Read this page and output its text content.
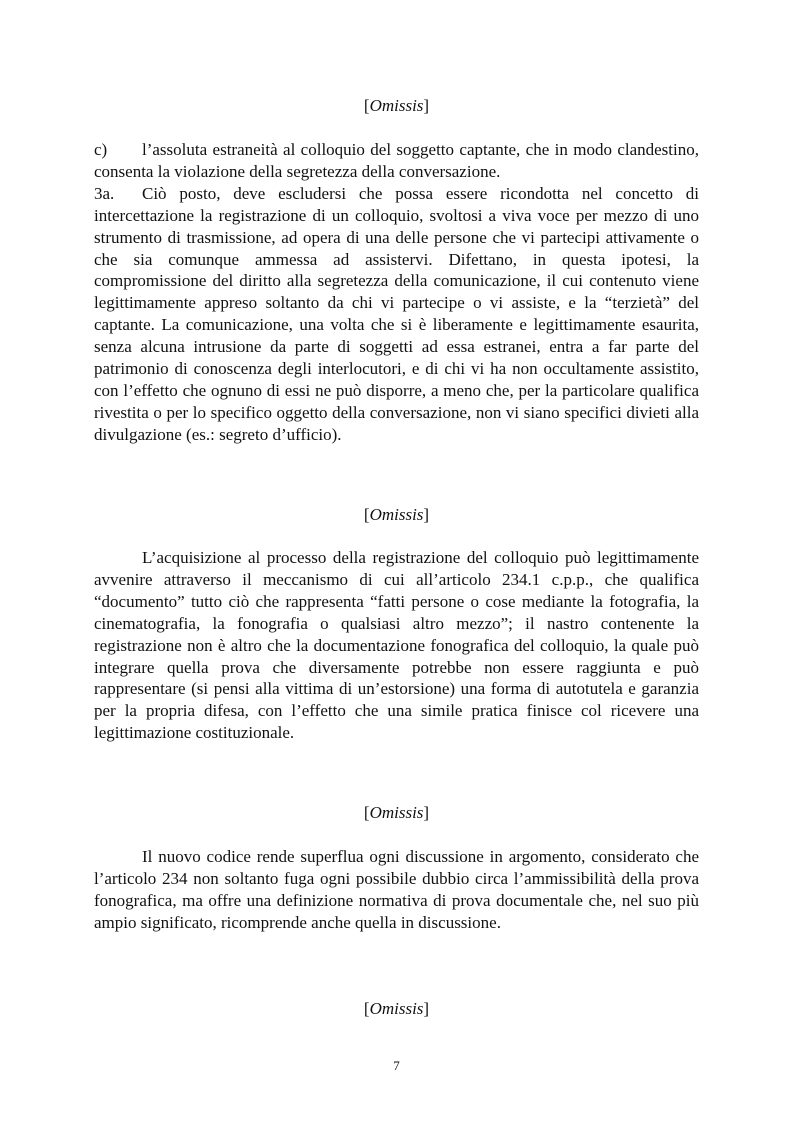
[Omissis]

c) l’assoluta estraneità al colloquio del soggetto captante, che in modo clandestino, consenta la violazione della segretezza della conversazione.

3a. Ciò posto, deve escludersi che possa essere ricondotta nel concetto di intercettazione la registrazione di un colloquio, svoltosi a viva voce per mezzo di uno strumento di trasmissione, ad opera di una delle persone che vi partecipi attivamente o che sia comunque ammessa ad assistervi. Difettano, in questa ipotesi, la compromissione del diritto alla segretezza della comunicazione, il cui contenuto viene legittimamente appreso soltanto da chi vi partecipe o vi assiste, e la “terzietà” del captante. La comunicazione, una volta che si è liberamente e legittimamente esaurita, senza alcuna intrusione da parte di soggetti ad essa estranei, entra a far parte del patrimonio di conoscenza degli interlocutori, e di chi vi ha non occultamente assistito, con l’effetto che ognuno di essi ne può disporre, a meno che, per la particolare qualifica rivestita o per lo specifico oggetto della conversazione, non vi siano specifici divieti alla divulgazione (es.: segreto d’ufficio).

[Omissis]

L’acquisizione al processo della registrazione del colloquio può legittimamente avvenire attraverso il meccanismo di cui all’articolo 234.1 c.p.p., che qualifica “documento” tutto ciò che rappresenta “fatti persone o cose mediante la fotografia, la cinematografia, la fonografia o qualsiasi altro mezzo”; il nastro contenente la registrazione non è altro che la documentazione fonografica del colloquio, la quale può integrare quella prova che diversamente potrebbe non essere raggiunta e può rappresentare (si pensi alla vittima di un’estorsione) una forma di autotutela e garanzia per la propria difesa, con l’effetto che una simile pratica finisce col ricevere una legittimazione costituzionale.

[Omissis]

Il nuovo codice rende superflua ogni discussione in argomento, considerato che l’articolo 234 non soltanto fuga ogni possibile dubbio circa l’ammissibilità della prova fonografica, ma offre una definizione normativa di prova documentale che, nel suo più ampio significato, ricomprende anche quella in discussione.

[Omissis]
7
